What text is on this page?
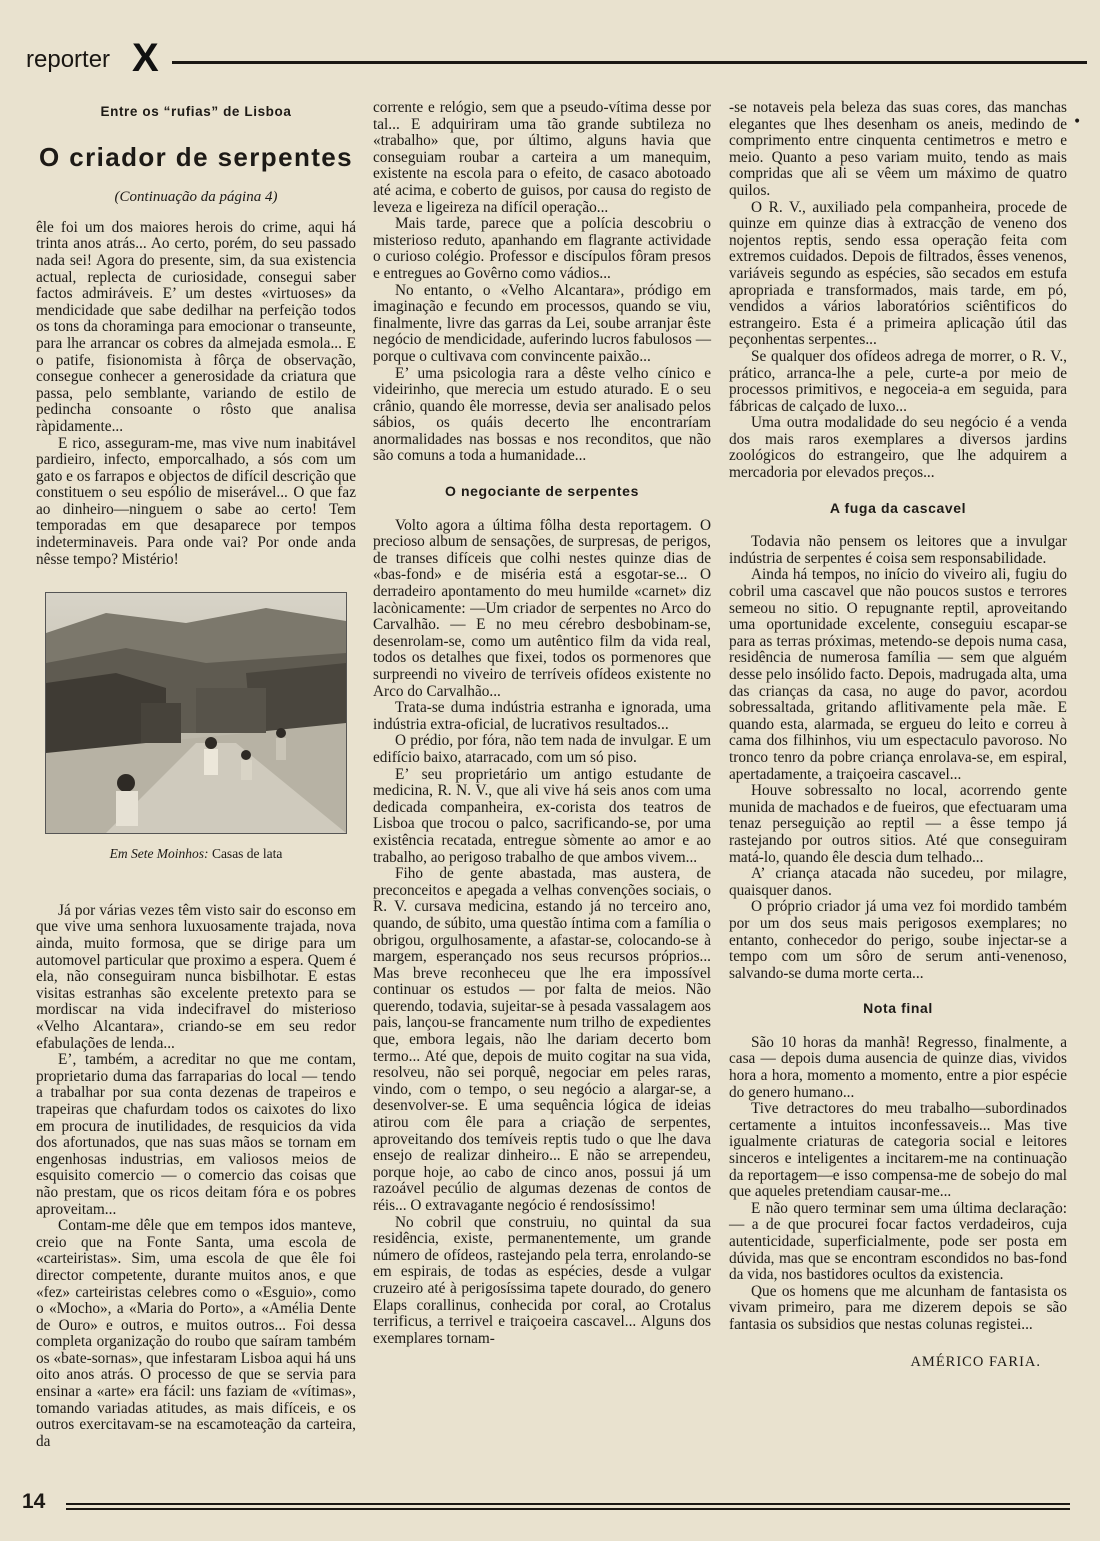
reporter X
•
Entre os “rufias” de Lisboa
O criador de serpentes
(Continuação da página 4)

êle foi um dos maiores herois do crime, aqui há trinta anos atrás... Ao certo, porém, do seu passado nada sei! Agora do presente, sim, da sua existencia actual, replecta de curiosidade, consegui saber factos admiráveis. E’ um destes «virtuoses» da mendicidade que sabe dedilhar na perfeição todos os tons da choraminga para emocionar o transeunte, para lhe arrancar os cobres da almejada esmola... E o patife, fisionomista à fôrça de observação, consegue conhecer a generosidade da criatura que passa, pelo semblante, variando de estilo de pedincha consoante o rôsto que analisa ràpidamente...

E rico, asseguram-me, mas vive num inabitável pardieiro, infecto, emporcalhado, a sós com um gato e os farrapos e objectos de difícil descrição que constituem o seu espólio de miserável... O que faz ao dinheiro—ninguem o sabe ao certo! Tem temporadas em que desaparece por tempos indeterminaveis. Para onde vai? Por onde anda nêsse tempo? Mistério!

Em Sete Moinhos: Casas de lata

Já por várias vezes têm visto sair do esconso em que vive uma senhora luxuosamente trajada, nova ainda, muito formosa, que se dirige para um automovel particular que proximo a espera. Quem é ela, não conseguiram nunca bisbilhotar. E estas visitas estranhas são excelente pretexto para se mordiscar na vida indecifravel do misterioso «Velho Alcantara», criando-se em seu redor efabulações de lenda...

E’, também, a acreditar no que me contam, proprietario duma das farraparias do local — tendo a trabalhar por sua conta dezenas de trapeiros e trapeiras que chafurdam todos os caixotes do lixo em procura de inutilidades, de resquicios da vida dos afortunados, que nas suas mãos se tornam em engenhosas industrias, em valiosos meios de esquisito comercio — o comercio das coisas que não prestam, que os ricos deitam fóra e os pobres aproveitam...

Contam-me dêle que em tempos idos manteve, creio que na Fonte Santa, uma escola de «carteiristas». Sim, uma escola de que êle foi director competente, durante muitos anos, e que «fez» carteiristas celebres como o «Esguio», como o «Mocho», a «Maria do Porto», a «Amélia Dente de Ouro» e outros, e muitos outros... Foi dessa completa organização do roubo que saíram também os «bate-sornas», que infestaram Lisboa aqui há uns oito anos atrás. O processo de que se servia para ensinar a «arte» era fácil: uns faziam de «vítimas», tomando variadas atitudes, as mais difíceis, e os outros exercitavam-se na escamoteação da carteira, da

corrente e relógio, sem que a pseudo-vítima desse por tal... E adquiriram uma tão grande subtileza no «trabalho» que, por último, alguns havia que conseguiam roubar a carteira a um manequim, existente na escola para o efeito, de casaco abotoado até acima, e coberto de guisos, por causa do registo de leveza e ligeireza na difícil operação...

Mais tarde, parece que a polícia descobriu o misterioso reduto, apanhando em flagrante actividade o curioso colégio. Professor e discípulos fôram presos e entregues ao Govêrno como vádios...

No entanto, o «Velho Alcantara», pródigo em imaginação e fecundo em processos, quando se viu, finalmente, livre das garras da Lei, soube arranjar êste negócio de mendicidade, auferindo lucros fabulosos — porque o cultivava com convincente paixão...

E’ uma psicologia rara a dêste velho cínico e videirinho, que merecia um estudo aturado. E o seu crânio, quando êle morresse, devia ser analisado pelos sábios, os quáis decerto lhe encontraríam anormalidades nas bossas e nos reconditos, que não são comuns a toda a humanidade...

O negociante de serpentes

Volto agora a última fôlha desta reportagem. O precioso album de sensações, de surpresas, de perigos, de transes difíceis que colhi nestes quinze dias de «bas-fond» e de miséria está a esgotar-se... O derradeiro apontamento do meu humilde «carnet» diz lacònicamente: —Um criador de serpentes no Arco do Carvalhão. — E no meu cérebro desbobinam-se, desenrolam-se, como um autêntico film da vida real, todos os detalhes que fixei, todos os pormenores que surpreendi no viveiro de terríveis ofídeos existente no Arco do Carvalhão...

Trata-se duma indústria estranha e ignorada, uma indústria extra-oficial, de lucrativos resultados...

O prédio, por fóra, não tem nada de invulgar. E um edifício baixo, atarracado, com um só piso.

E’ seu proprietário um antigo estudante de medicina, R. N. V., que ali vive há seis anos com uma dedicada companheira, ex-corista dos teatros de Lisboa que trocou o palco, sacrificando-se, por uma existência recatada, entregue sòmente ao amor e ao trabalho, ao perigoso trabalho de que ambos vivem...

Fiho de gente abastada, mas austera, de preconceitos e apegada a velhas convenções sociais, o R. V. cursava medicina, estando já no terceiro ano, quando, de súbito, uma questão íntima com a família o obrigou, orgulhosamente, a afastar-se, colocando-se à margem, esperançado nos seus recursos próprios... Mas breve reconheceu que lhe era impossível continuar os estudos — por falta de meios. Não querendo, todavia, sujeitar-se à pesada vassalagem aos pais, lançou-se francamente num trilho de expedientes que, embora legais, não lhe dariam decerto bom termo... Até que, depois de muito cogitar na sua vida, resolveu, não sei porquê, negociar em peles raras, vindo, com o tempo, o seu negócio a alargar-se, a desenvolver-se. E uma sequência lógica de ideias atirou com êle para a criação de serpentes, aproveitando dos temíveis reptis tudo o que lhe dava ensejo de realizar dinheiro... E não se arrependeu, porque hoje, ao cabo de cinco anos, possui já um razoável pecúlio de algumas dezenas de contos de réis... O extravagante negócio é rendosíssimo!

No cobril que construiu, no quintal da sua residência, existe, permanentemente, um grande número de ofídeos, rastejando pela terra, enrolando-se em espirais, de todas as espécies, desde a vulgar cruzeiro até à perigosíssima tapete dourado, do genero Elaps corallinus, conhecida por coral, ao Crotalus terrificus, a terrivel e traiçoeira cascavel... Alguns dos exemplares tornam-

-se notaveis pela beleza das suas cores, das manchas elegantes que lhes desenham os aneis, medindo de comprimento entre cinquenta centimetros e metro e meio. Quanto a peso variam muito, tendo as mais compridas que ali se vêem um máximo de quatro quilos.

O R. V., auxiliado pela companheira, procede de quinze em quinze dias à extracção de veneno dos nojentos reptis, sendo essa operação feita com extremos cuidados. Depois de filtrados, êsses venenos, variáveis segundo as espécies, são secados em estufa apropriada e transformados, mais tarde, em pó, vendidos a vários laboratórios sciêntificos do estrangeiro. Esta é a primeira aplicação útil das peçonhentas serpentes...

Se qualquer dos ofídeos adrega de morrer, o R. V., prático, arranca-lhe a pele, curte-a por meio de processos primitivos, e negoceia-a em seguida, para fábricas de calçado de luxo...

Uma outra modalidade do seu negócio é a venda dos mais raros exemplares a diversos jardins zoológicos do estrangeiro, que lhe adquirem a mercadoria por elevados preços...

A fuga da cascavel

Todavia não pensem os leitores que a invulgar indústria de serpentes é coisa sem responsabilidade.

Ainda há tempos, no início do viveiro ali, fugiu do cobril uma cascavel que não poucos sustos e terrores semeou no sitio. O repugnante reptil, aproveitando uma oportunidade excelente, conseguiu escapar-se para as terras próximas, metendo-se depois numa casa, residência de numerosa família — sem que alguém desse pelo insólido facto. Depois, madrugada alta, uma das crianças da casa, no auge do pavor, acordou sobressaltada, gritando aflitivamente pela mãe. E quando esta, alarmada, se ergueu do leito e correu à cama dos filhinhos, viu um espectaculo pavoroso. No tronco tenro da pobre criança enrolava-se, em espiral, apertadamente, a traiçoeira cascavel...

Houve sobressalto no local, acorrendo gente munida de machados e de fueiros, que efectuaram uma tenaz perseguição ao reptil — a êsse tempo já rastejando por outros sitios. Até que conseguiram matá-lo, quando êle descia dum telhado...

A’ criança atacada não sucedeu, por milagre, quaisquer danos.

O próprio criador já uma vez foi mordido também por um dos seus mais perigosos exemplares; no entanto, conhecedor do perigo, soube injectar-se a tempo com um sôro de serum anti-venenoso, salvando-se duma morte certa...

Nota final

São 10 horas da manhã! Regresso, finalmente, a casa — depois duma ausencia de quinze dias, vividos hora a hora, momento a momento, entre a pior espécie do genero humano...

Tive detractores do meu trabalho—subordinados certamente a intuitos inconfessaveis... Mas tive igualmente criaturas de categoria social e leitores sinceros e inteligentes a incitarem-me na continuação da reportagem—e isso compensa-me de sobejo do mal que aqueles pretendiam causar-me...

E não quero terminar sem uma última declaração: — a de que procurei focar factos verdadeiros, cuja autenticidade, superficialmente, pode ser posta em dúvida, mas que se encontram escondidos no bas-fond da vida, nos bastidores ocultos da existencia.

Que os homens que me alcunham de fantasista os vivam primeiro, para me dizerem depois se são fantasia os subsidios que nestas colunas registei...

AMÉRICO FARIA.
14
